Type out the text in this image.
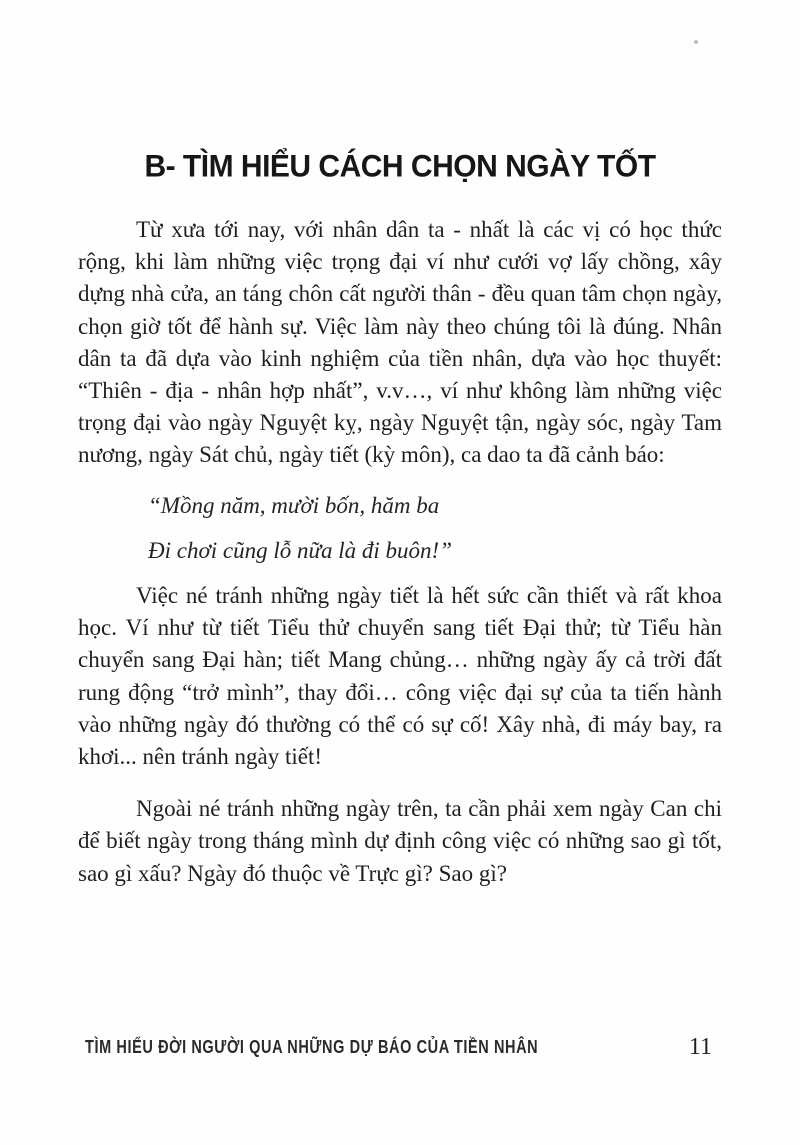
B- TÌM HIỂU CÁCH CHỌN NGÀY TỐT

Từ xưa tới nay, với nhân dân ta - nhất là các vị có học thức rộng, khi làm những việc trọng đại ví như cưới vợ lấy chồng, xây dựng nhà cửa, an táng chôn cất người thân - đều quan tâm chọn ngày, chọn giờ tốt để hành sự. Việc làm này theo chúng tôi là đúng. Nhân dân ta đã dựa vào kinh nghiệm của tiền nhân, dựa vào học thuyết: “Thiên - địa - nhân hợp nhất”, v.v…, ví như không làm những việc trọng đại vào ngày Nguyệt kỵ, ngày Nguyệt tận, ngày sóc, ngày Tam nương, ngày Sát chủ, ngày tiết (kỳ môn), ca dao ta đã cảnh báo:

“Mồng năm, mười bốn, hăm ba

Đi chơi cũng lỗ nữa là đi buôn!”

Việc né tránh những ngày tiết là hết sức cần thiết và rất khoa học. Ví như từ tiết Tiểu thử chuyển sang tiết Đại thử; từ Tiểu hàn chuyển sang Đại hàn; tiết Mang chủng… những ngày ấy cả trời đất rung động “trở mình”, thay đổi… công việc đại sự của ta tiến hành vào những ngày đó thường có thể có sự cố! Xây nhà, đi máy bay, ra khơi... nên tránh ngày tiết!

Ngoài né tránh những ngày trên, ta cần phải xem ngày Can chi để biết ngày trong tháng mình dự định công việc có những sao gì tốt, sao gì xấu? Ngày đó thuộc về Trực gì? Sao gì?

TÌM HIỂU ĐỜI NGƯỜI QUA NHỮNG DỰ BÁO CỦA TIỀN NHÂN	11
